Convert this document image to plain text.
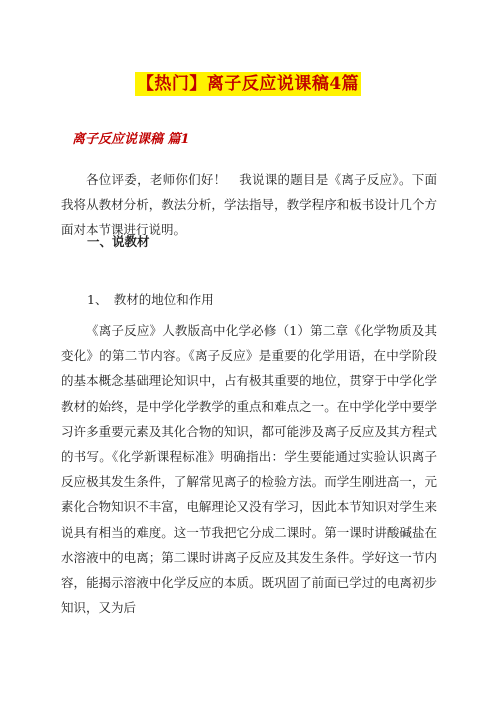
【热门】离子反应说课稿4篇

离子反应说课稿 篇1

各位评委，老师你们好！　我说课的题目是《离子反应》。下面我将从教材分析，教法分析，学法指导，教学程序和板书设计几个方面对本节课进行说明。

一、说教材

1、　教材的地位和作用

《离子反应》人教版高中化学必修（1）第二章《化学物质及其变化》的第二节内容。《离子反应》是重要的化学用语，在中学阶段的基本概念基础理论知识中，占有极其重要的地位，贯穿于中学化学教材的始终，是中学化学教学的重点和难点之一。在中学化学中要学习许多重要元素及其化合物的知识，都可能涉及离子反应及其方程式的书写。《化学新课程标准》明确指出：学生要能通过实验认识离子反应极其发生条件，了解常见离子的检验方法。而学生刚进高一，元素化合物知识不丰富，电解理论又没有学习，因此本节知识对学生来说具有相当的难度。这一节我把它分成二课时。第一课时讲酸碱盐在水溶液中的电离；第二课时讲离子反应及其发生条件。学好这一节内容，能揭示溶液中化学反应的本质。既巩固了前面已学过的电离初步知识，又为后
